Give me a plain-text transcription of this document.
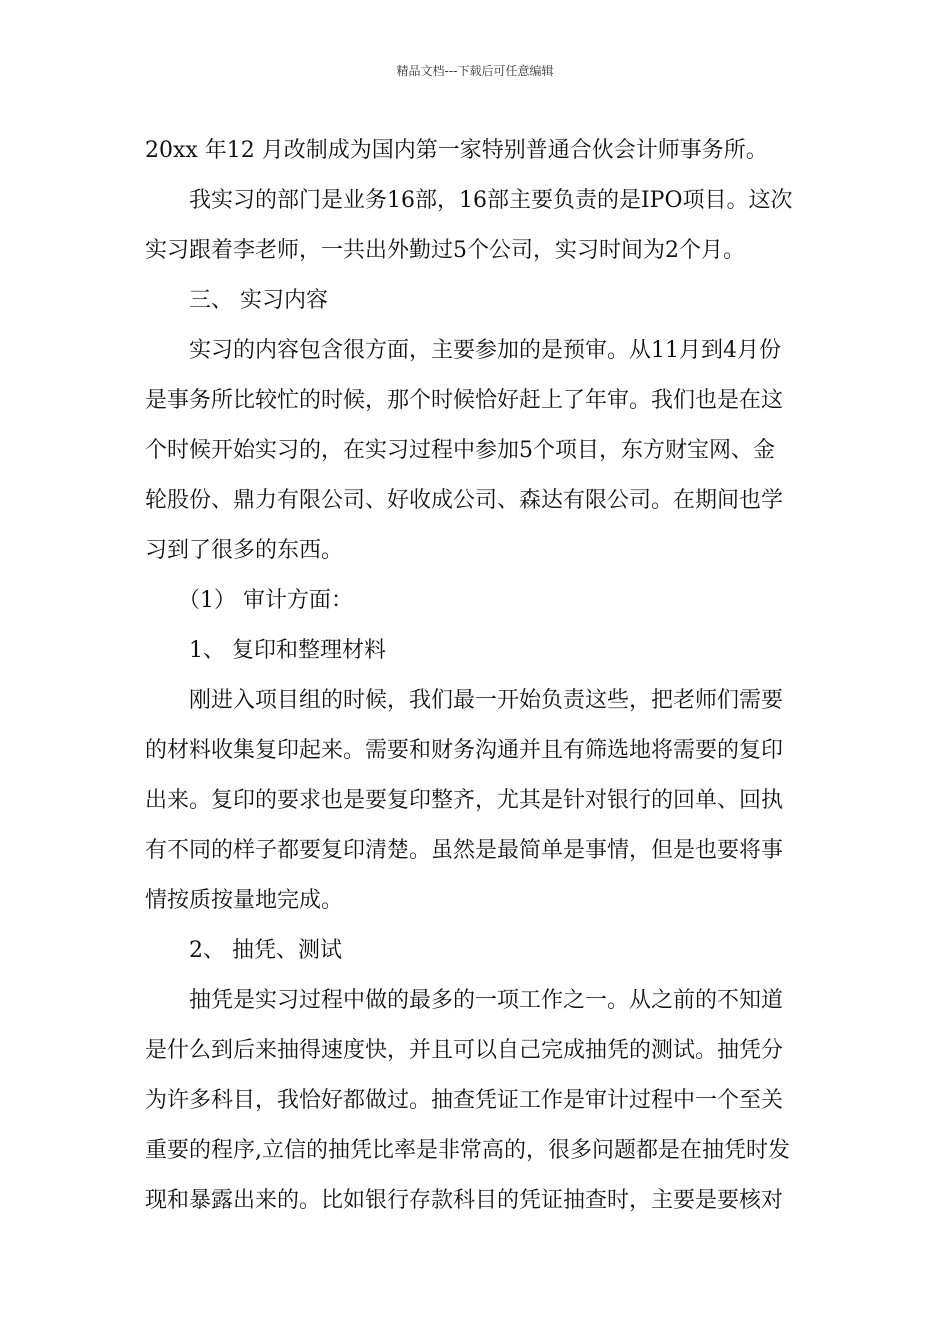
精品文档---下载后可任意编辑
20xx 年12 月改制成为国内第一家特别普通合伙会计师事务所。
　　我实习的部门是业务16部，16部主要负责的是IPO项目。这次
实习跟着李老师，一共出外勤过5个公司，实习时间为2个月。
　　三、 实习内容
　　实习的内容包含很方面，主要参加的是预审。从11月到4月份
是事务所比较忙的时候，那个时候恰好赶上了年审。我们也是在这
个时候开始实习的，在实习过程中参加5个项目，东方财宝网、金
轮股份、鼎力有限公司、好收成公司、森达有限公司。在期间也学
习到了很多的东西。
　　（1） 审计方面：
　　1、 复印和整理材料
　　刚进入项目组的时候，我们最一开始负责这些，把老师们需要
的材料收集复印起来。需要和财务沟通并且有筛选地将需要的复印
出来。复印的要求也是要复印整齐，尤其是针对银行的回单、回执
有不同的样子都要复印清楚。虽然是最简单是事情，但是也要将事
情按质按量地完成。
　　2、 抽凭、测试
　　抽凭是实习过程中做的最多的一项工作之一。从之前的不知道
是什么到后来抽得速度快，并且可以自己完成抽凭的测试。抽凭分
为许多科目，我恰好都做过。抽查凭证工作是审计过程中一个至关
重要的程序,立信的抽凭比率是非常高的，很多问题都是在抽凭时发
现和暴露出来的。比如银行存款科目的凭证抽查时，主要是要核对
